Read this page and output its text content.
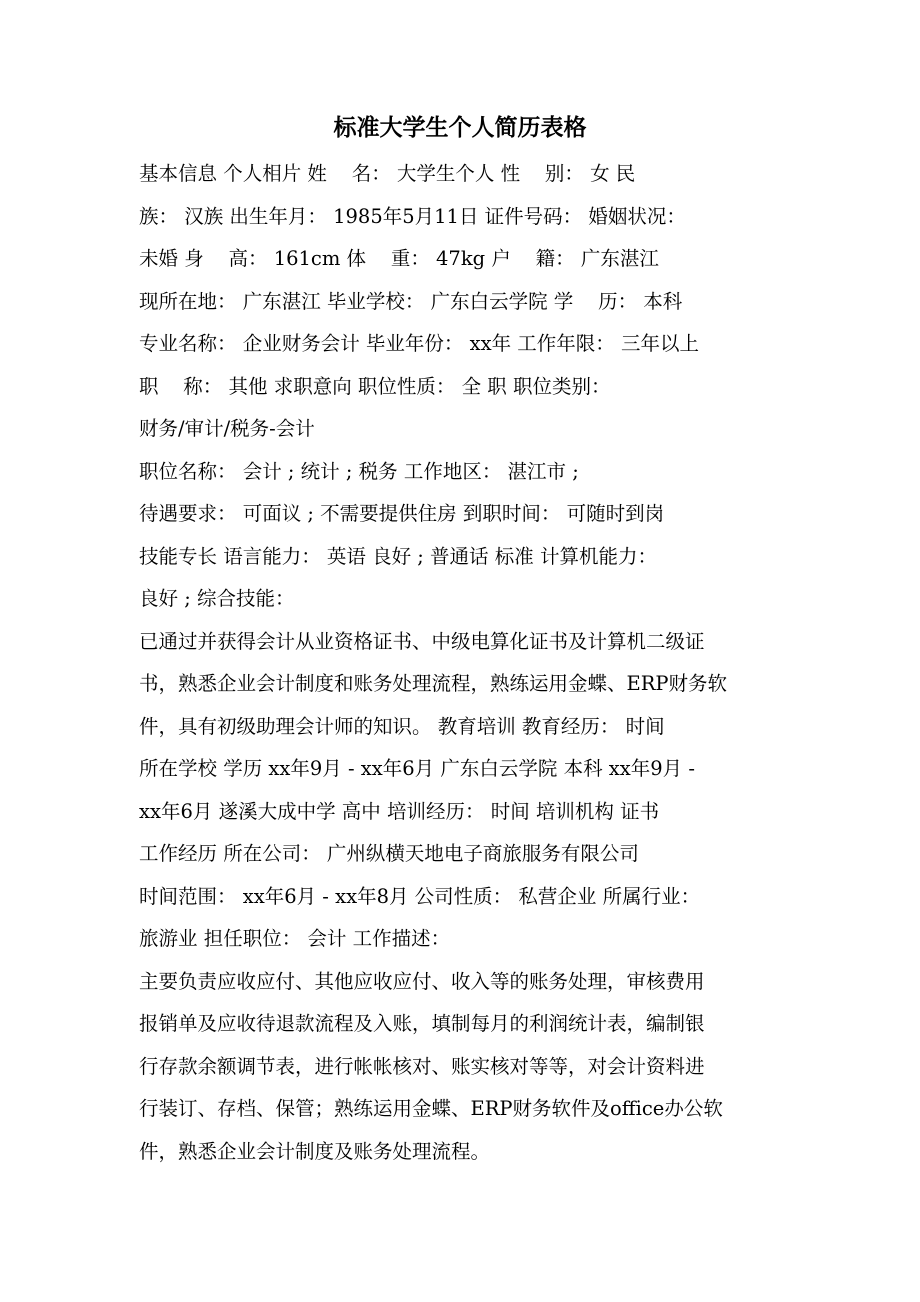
标准大学生个人简历表格
基本信息 个人相片 姓    名： 大学生个人 性    别： 女 民
族： 汉族 出生年月： 1985年5月11日 证件号码： 婚姻状况：
未婚 身    高： 161cm 体    重： 47kg 户    籍： 广东湛江
现所在地： 广东湛江 毕业学校： 广东白云学院 学    历： 本科
专业名称： 企业财务会计 毕业年份： xx年 工作年限： 三年以上
职    称： 其他 求职意向 职位性质： 全 职 职位类别：
财务/审计/税务-会计
职位名称： 会计 ; 统计 ; 税务 工作地区： 湛江市 ;
待遇要求： 可面议 ; 不需要提供住房 到职时间： 可随时到岗
技能专长 语言能力： 英语 良好 ; 普通话 标准 计算机能力：
良好 ; 综合技能：
已通过并获得会计从业资格证书、中级电算化证书及计算机二级证
书，熟悉企业会计制度和账务处理流程，熟练运用金蝶、ERP财务软
件，具有初级助理会计师的知识。 教育培训 教育经历： 时间
所在学校 学历 xx年9月 - xx年6月 广东白云学院 本科 xx年9月 -
xx年6月 遂溪大成中学 高中 培训经历： 时间 培训机构 证书
工作经历 所在公司： 广州纵横天地电子商旅服务有限公司
时间范围： xx年6月 - xx年8月 公司性质： 私营企业 所属行业：
旅游业 担任职位： 会计 工作描述：
主要负责应收应付、其他应收应付、收入等的账务处理，审核费用
报销单及应收待退款流程及入账，填制每月的利润统计表，编制银
行存款余额调节表，进行帐帐核对、账实核对等等，对会计资料进
行装订、存档、保管；熟练运用金蝶、ERP财务软件及office办公软
件，熟悉企业会计制度及账务处理流程。
